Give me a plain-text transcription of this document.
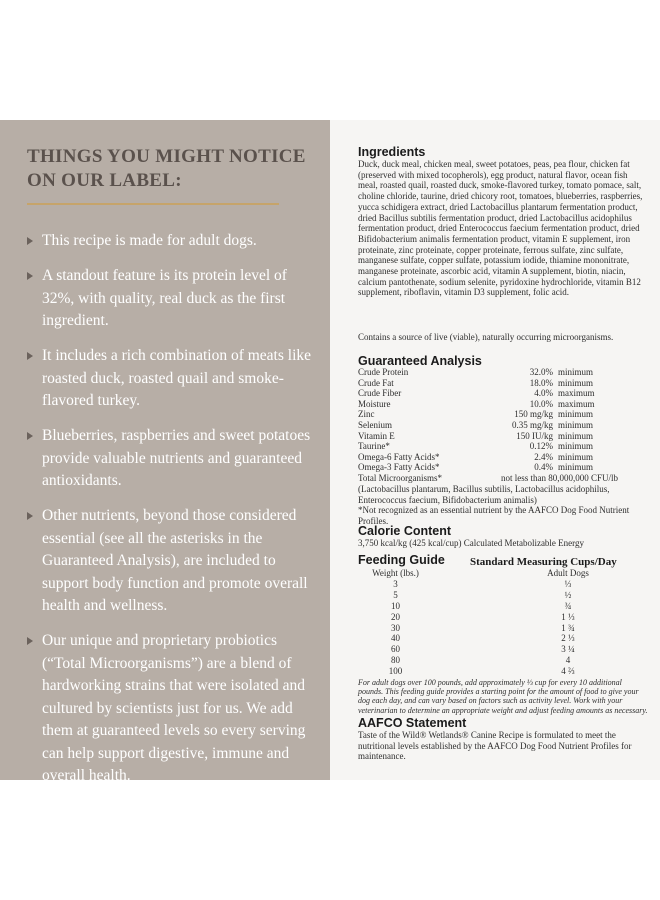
THINGS YOU MIGHT NOTICE ON OUR LABEL:
This recipe is made for adult dogs.
A standout feature is its protein level of 32%, with quality, real duck as the first ingredient.
It includes a rich combination of meats like roasted duck, roasted quail and smoke-flavored turkey.
Blueberries, raspberries and sweet potatoes provide valuable nutrients and guaranteed antioxidants.
Other nutrients, beyond those considered essential (see all the asterisks in the Guaranteed Analysis), are included to support body function and promote overall health and wellness.
Our unique and proprietary probiotics (“Total Microorganisms”) are a blend of hardworking strains that were isolated and cultured by scientists just for us. We add them at guaranteed levels so every serving can help support digestive, immune and overall health.
Ingredients

Duck, duck meal, chicken meal, sweet potatoes, peas, pea flour, chicken fat (preserved with mixed tocopherols), egg product, natural flavor, ocean fish meal, roasted quail, roasted duck, smoke-flavored turkey, tomato pomace, salt, choline chloride, taurine, dried chicory root, tomatoes, blueberries, raspberries, yucca schidigera extract, dried Lactobacillus plantarum fermentation product, dried Bacillus subtilis fermentation product, dried Lactobacillus acidophilus fermentation product, dried Enterococcus faecium fermentation product, dried Bifidobacterium animalis fermentation product, vitamin E supplement, iron proteinate, zinc proteinate, copper proteinate, ferrous sulfate, zinc sulfate, manganese sulfate, copper sulfate, potassium iodide, thiamine mononitrate, manganese proteinate, ascorbic acid, vitamin A supplement, biotin, niacin, calcium pantothenate, sodium selenite, pyridoxine hydrochloride, vitamin B12 supplement, riboflavin, vitamin D3 supplement, folic acid.

Contains a source of live (viable), naturally occurring microorganisms.

Guaranteed Analysis
Crude Protein	32.0%	minimum
Crude Fat	18.0%	minimum
Crude Fiber	4.0%	maximum
Moisture	10.0%	maximum
Zinc	150 mg/kg	minimum
Selenium	0.35 mg/kg	minimum
Vitamin E	150 IU/kg	minimum
Taurine*	0.12%	minimum
Omega-6 Fatty Acids*	2.4%	minimum
Omega-3 Fatty Acids*	0.4%	minimum
Total Microorganisms*	not less than 80,000,000 CFU/lb	

(Lactobacillus plantarum, Bacillus subtilis, Lactobacillus acidophilus, Enterococcus faecium, Bifidobacterium animalis)

*Not recognized as an essential nutrient by the AAFCO Dog Food Nutrient Profiles.

Calorie Content

3,750 kcal/kg (425 kcal/cup) Calculated Metabolizable Energy

Feeding Guide Standard Measuring Cups/Day
Weight (lbs.)		Adult Dogs
3		⅓
5		½
10		¾
20		1 ⅓
30		1 ¾
40		2 ⅓
60		3 ¼
80		4
100		4 ⅔

For adult dogs over 100 pounds, add approximately ⅓ cup for every 10 additional pounds. This feeding guide provides a starting point for the amount of food to give your dog each day, and can vary based on factors such as activity level. Work with your veterinarian to determine an appropriate weight and adjust feeding amounts as necessary.

AAFCO Statement

Taste of the Wild® Wetlands® Canine Recipe is formulated to meet the nutritional levels established by the AAFCO Dog Food Nutrient Profiles for maintenance.
